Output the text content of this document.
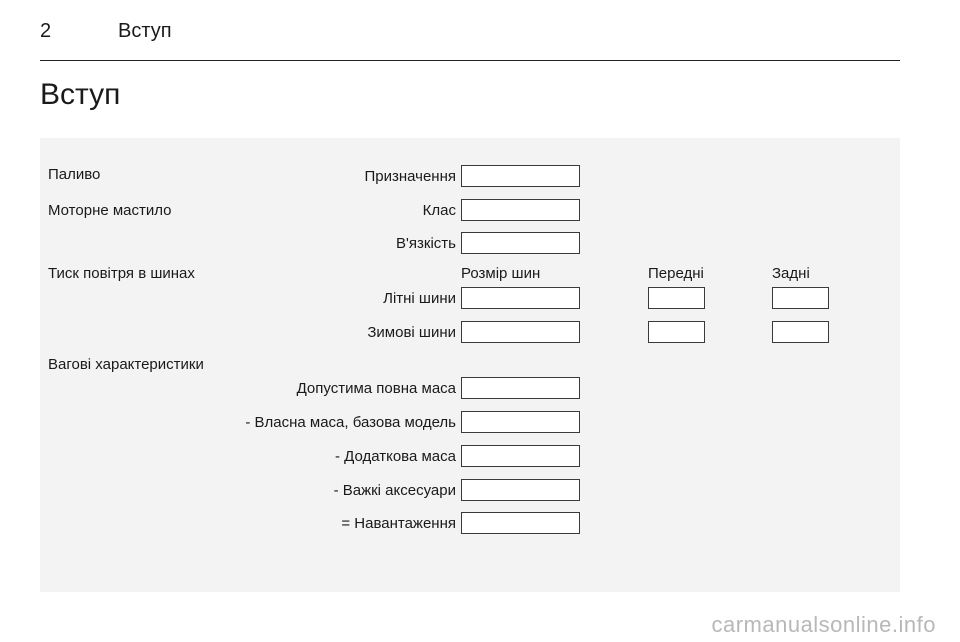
2	Вступ
Вступ
Паливо	Призначення
Моторне мастило	Клас
В'язкість
Тиск повітря в шинах	Розмір шин	Передні	Задні
Літні шини
Зимові шини
Вагові характеристики
Допустима повна маса
- Власна маса, базова модель
- Додаткова маса
- Важкі аксесуари
= Навантаження
carmanualsonline.info
